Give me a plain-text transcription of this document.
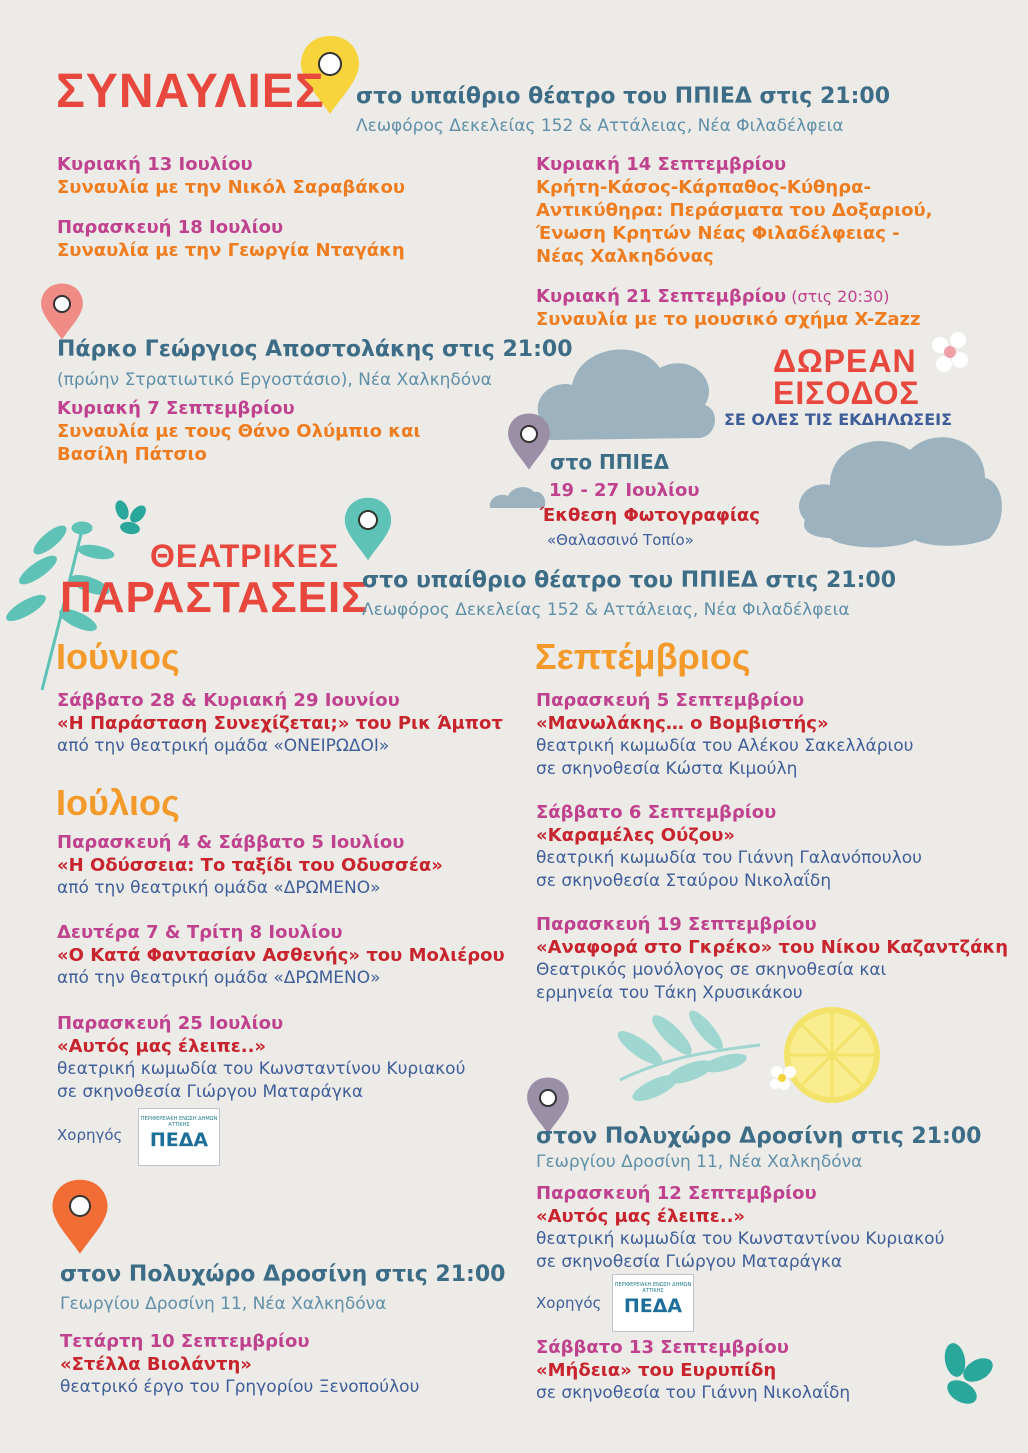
ΣΥΝΑΥΛΙΕΣ στο υπαίθριο θέατρο του ΠΠΙΕΔ στις 21:00
Λεωφόρος Δεκελείας 152 & Αττάλειας, Νέα Φιλαδέλφεια
Κυριακή 13 Ιουλίου
Συναυλία με την Νικόλ Σαραβάκου
Παρασκευή 18 Ιουλίου
Συναυλία με την Γεωργία Νταγάκη
Κυριακή 14 Σεπτεμβρίου
Κρήτη-Κάσος-Κάρπαθος-Κύθηρα-
Αντικύθηρα: Περάσματα του Δοξαριού,
Ένωση Κρητών Νέας Φιλαδέλφειας -
Νέας Χαλκηδόνας
Κυριακή 21 Σεπτεμβρίου (στις 20:30)
Συναυλία με το μουσικό σχήμα X-Zazz
Πάρκο Γεώργιος Αποστολάκης στις 21:00
(πρώην Στρατιωτικό Εργοστάσιο), Νέα Χαλκηδόνα
Κυριακή 7 Σεπτεμβρίου
Συναυλία με τους Θάνο Ολύμπιο και
Βασίλη Πάτσιο
ΔΩΡΕΑΝ
ΕΙΣΟΔΟΣ
ΣΕ ΟΛΕΣ ΤΙΣ ΕΚΔΗΛΩΣΕΙΣ
στο ΠΠΙΕΔ
19 - 27 Ιουλίου
Έκθεση Φωτογραφίας
«Θαλασσινό Τοπίο»
ΘΕΑΤΡΙΚΕΣ
ΠΑΡΑΣΤΑΣΕΙΣ
στο υπαίθριο θέατρο του ΠΠΙΕΔ στις 21:00
Λεωφόρος Δεκελείας 152 & Αττάλειας, Νέα Φιλαδέλφεια
Ιούνιος
Σάββατο 28 & Κυριακή 29 Ιουνίου
«Η Παράσταση Συνεχίζεται;» του Ρικ Άμποτ
από την θεατρική ομάδα «ΟΝΕΙΡΩΔΟΙ»
Ιούλιος
Παρασκευή 4 & Σάββατο 5 Ιουλίου
«Η Οδύσσεια: Το ταξίδι του Οδυσσέα»
από την θεατρική ομάδα «ΔΡΩΜΕΝΟ»
Δευτέρα 7 & Τρίτη 8 Ιουλίου
«Ο Κατά Φαντασίαν Ασθενής» του Μολιέρου
από την θεατρική ομάδα «ΔΡΩΜΕΝΟ»
Παρασκευή 25 Ιουλίου
«Αυτός μας έλειπε..»
θεατρική κωμωδία του Κωνσταντίνου Κυριακού
σε σκηνοθεσία Γιώργου Ματαράγκα
Χορηγός
ΠΕΡΙΦΕΡΕΙΑΚΗ ΕΝΩΣΗ ΔΗΜΩΝ ΑΤΤΙΚΗΣ
ΠΕΔΑ
στον Πολυχώρο Δροσίνη στις 21:00
Γεωργίου Δροσίνη 11, Νέα Χαλκηδόνα
Τετάρτη 10 Σεπτεμβρίου
«Στέλλα Βιολάντη»
θεατρικό έργο του Γρηγορίου Ξενοπούλου
Σεπτέμβριος
Παρασκευή 5 Σεπτεμβρίου
«Μανωλάκης… ο Βομβιστής»
θεατρική κωμωδία του Αλέκου Σακελλάριου
σε σκηνοθεσία Κώστα Κιμούλη
Σάββατο 6 Σεπτεμβρίου
«Καραμέλες Ούζου»
θεατρική κωμωδία του Γιάννη Γαλανόπουλου
σε σκηνοθεσία Σταύρου Νικολαΐδη
Παρασκευή 19 Σεπτεμβρίου
«Αναφορά στο Γκρέκο» του Νίκου Καζαντζάκη
Θεατρικός μονόλογος σε σκηνοθεσία και
ερμηνεία του Τάκη Χρυσικάκου
στον Πολυχώρο Δροσίνη στις 21:00
Γεωργίου Δροσίνη 11, Νέα Χαλκηδόνα
Παρασκευή 12 Σεπτεμβρίου
«Αυτός μας έλειπε..»
θεατρική κωμωδία του Κωνσταντίνου Κυριακού
σε σκηνοθεσία Γιώργου Ματαράγκα
Χορηγός
ΠΕΡΙΦΕΡΕΙΑΚΗ ΕΝΩΣΗ ΔΗΜΩΝ ΑΤΤΙΚΗΣ
ΠΕΔΑ
Σάββατο 13 Σεπτεμβρίου
«Μήδεια» του Ευρυπίδη
σε σκηνοθεσία του Γιάννη Νικολαΐδη
